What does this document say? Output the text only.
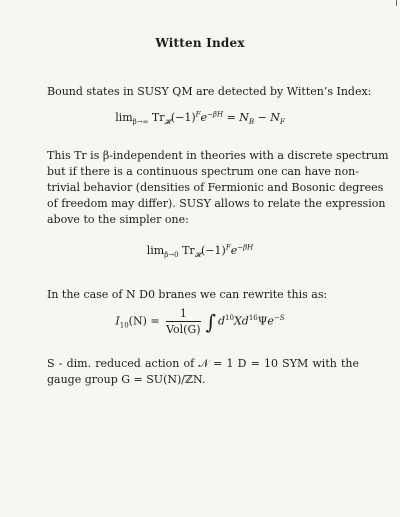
Witten Index
Bound states in SUSY QM are detected by Witten’s Index:
$\lim_{\beta\to\infty} Tr_𝓗(-1)^Fe^{-\beta H} = N_B - N_F$
This Tr is β-independent in theories with a discrete spectrum
but if there is a continuous spectrum one can have non-
trivial behavior (densities of Fermionic and Bosonic degrees
of freedom may differ). SUSY allows to relate the expression
above to the simpler one:
$\lim_{\beta\to 0} Tr_𝓗(-1)^Fe^{-\beta H}$
In the case of N D0 branes we can rewrite this as:
$I_{10}(N) = \frac{1}{\text{Vol(G)}}$ ∫ $d^{10}Xd^{16}\Psi e^{-S}$
S - dim. reduced action of 𝒩 = 1 D = 10 SYM with the
gauge group G = SU(N)/ℤN.
